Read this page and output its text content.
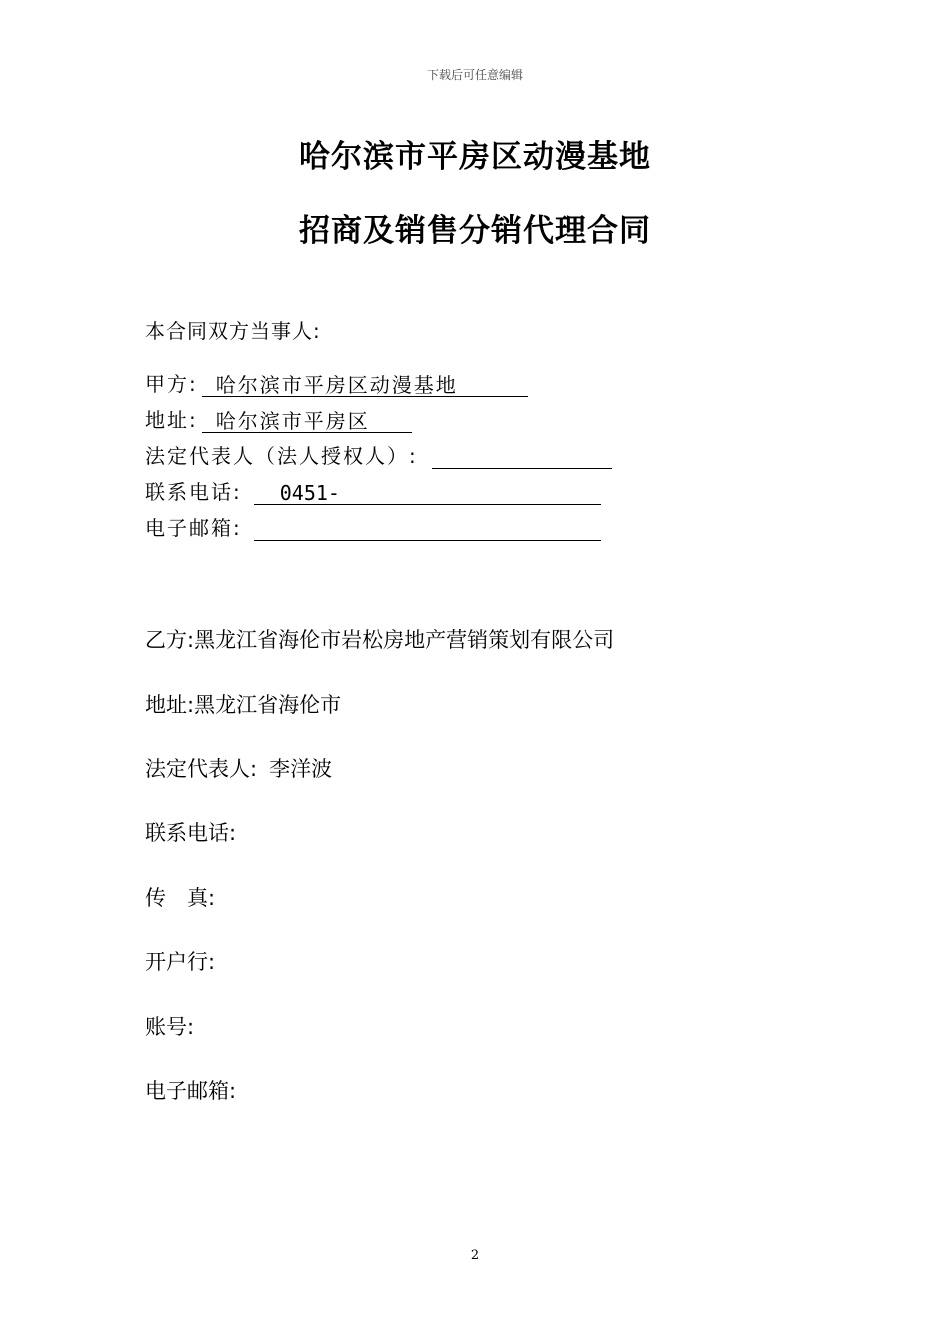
下载后可任意编辑
哈尔滨市平房区动漫基地
招商及销售分销代理合同
本合同双方当事人:
甲方: 哈尔滨市平房区动漫基地
地址: 哈尔滨市平房区
法定代表人（法人授权人）:
联系电话:	0451-
电子邮箱:
乙方:黑龙江省海伦市岩松房地产营销策划有限公司
地址:黑龙江省海伦市
法定代表人: 李洋波
联系电话:
传　真:
开户行:
账号:
电子邮箱:
2
